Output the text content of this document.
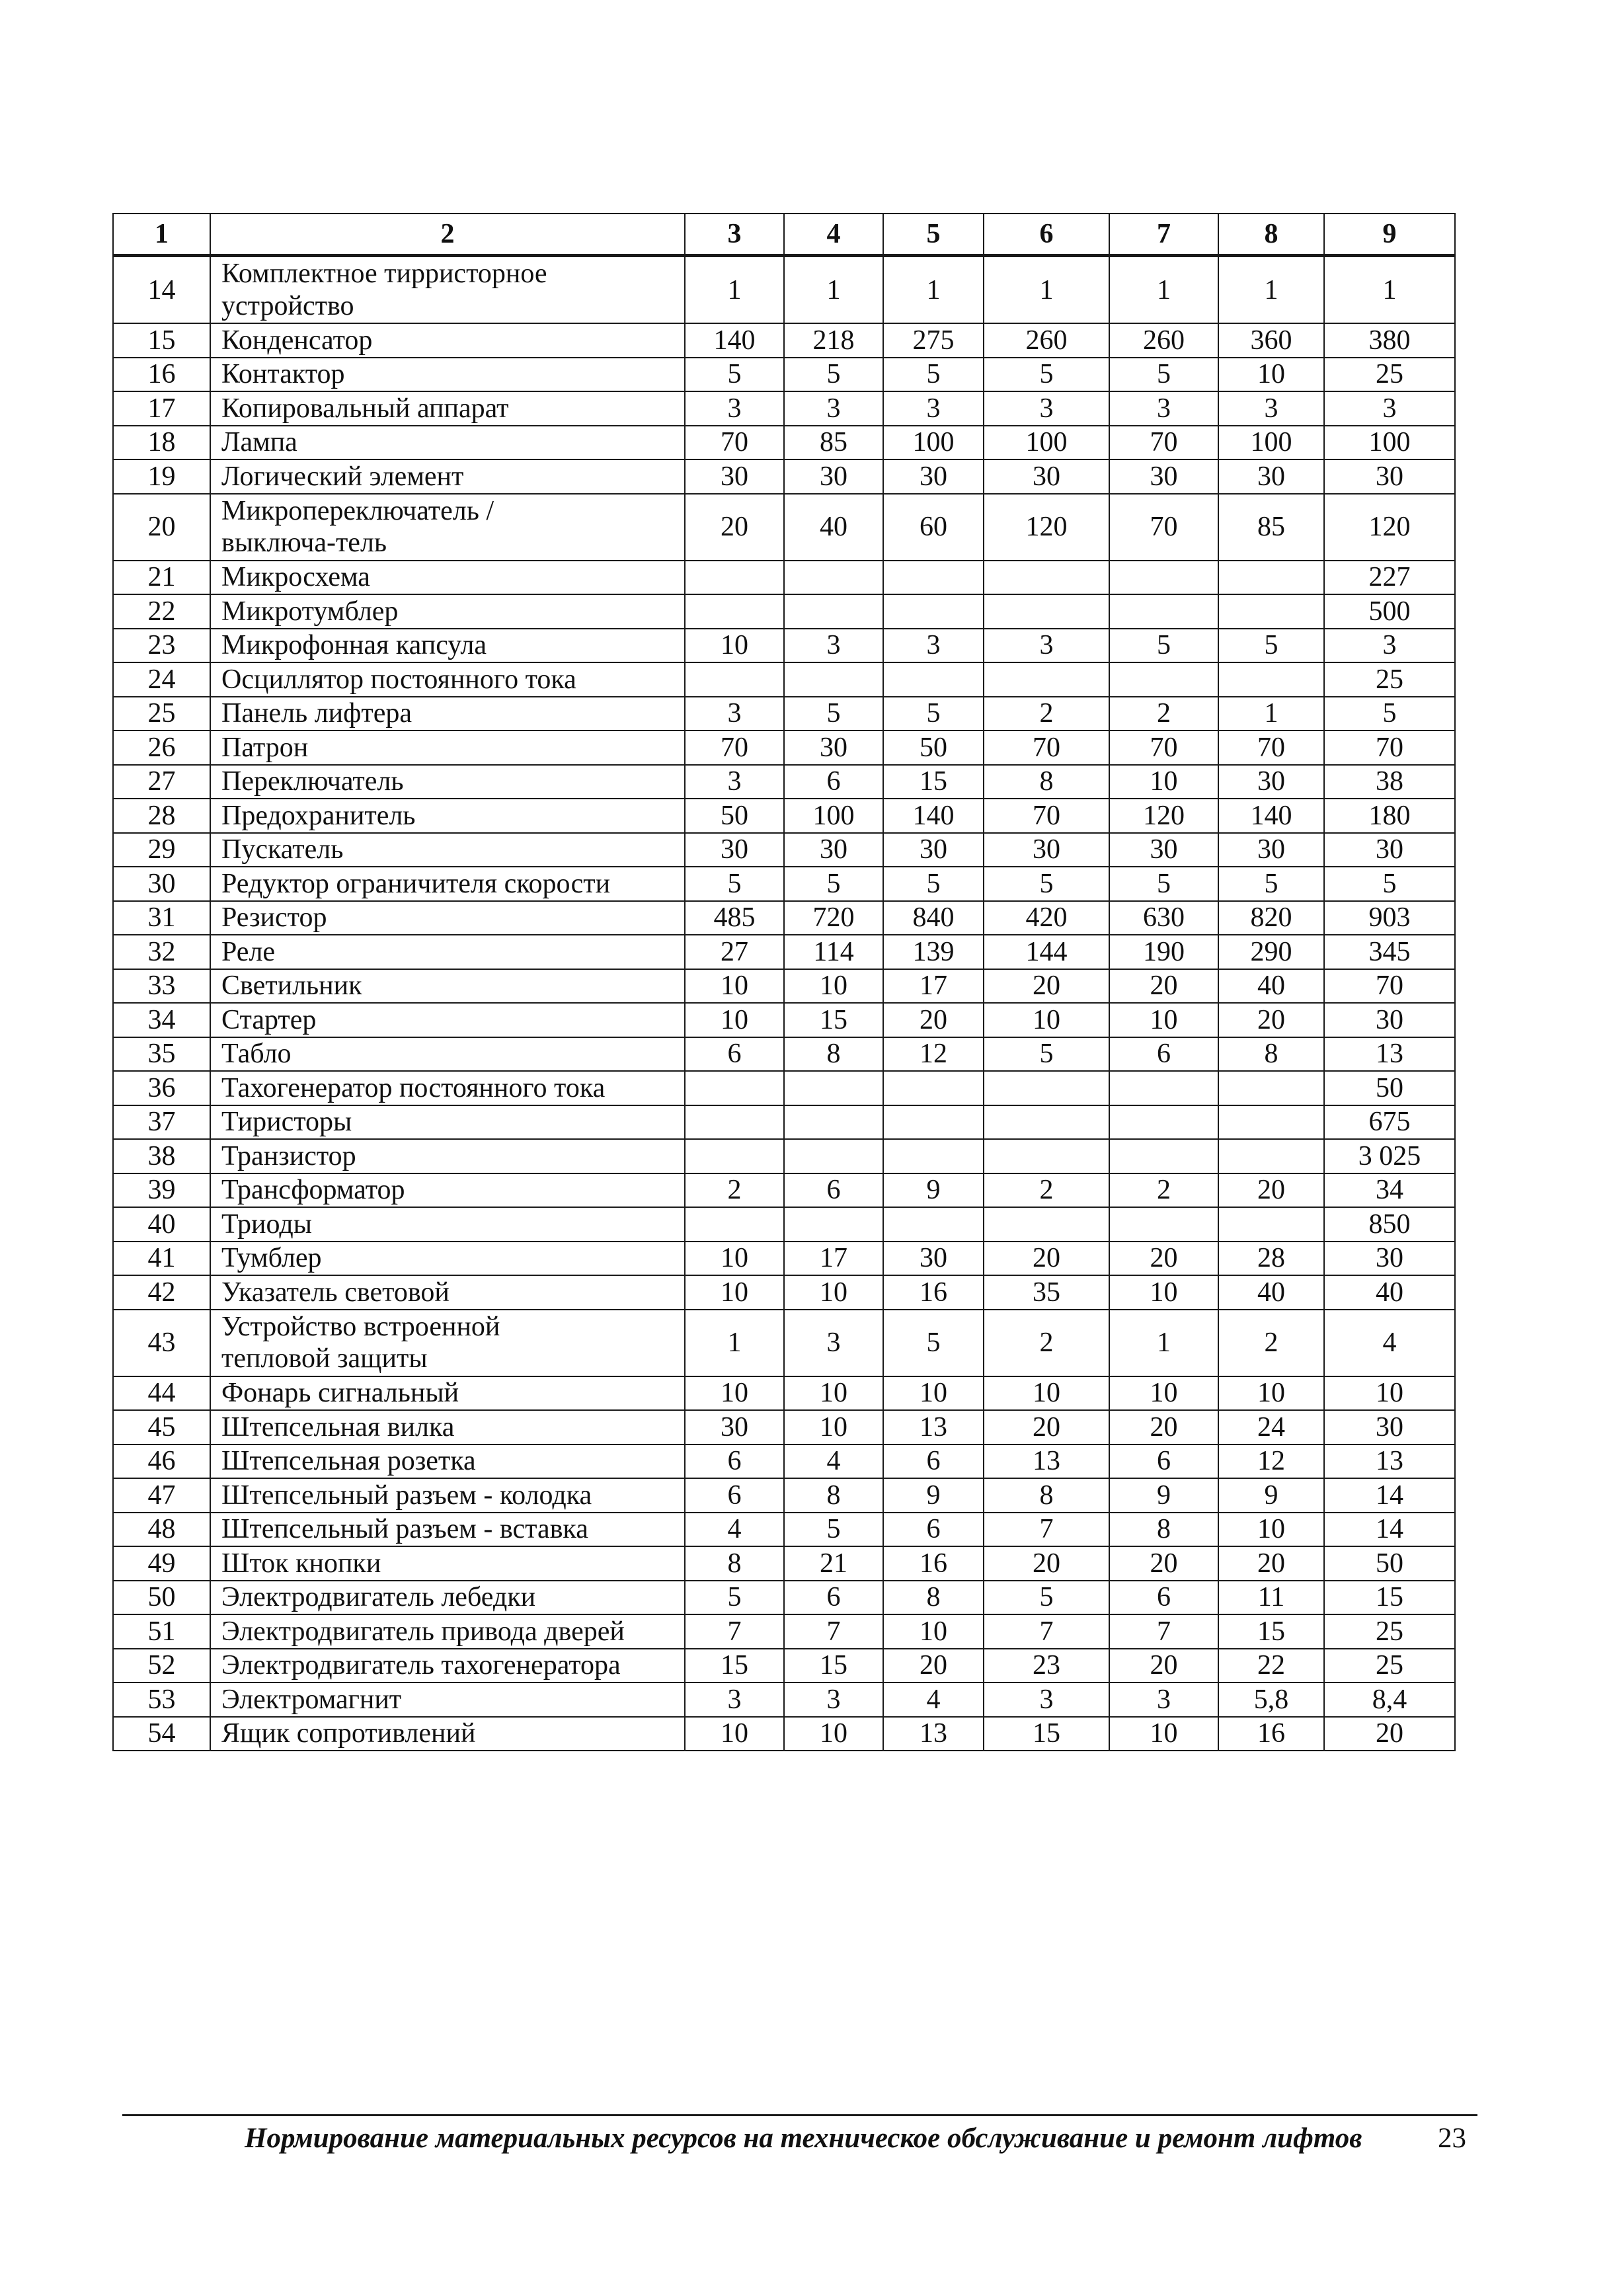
1	2	3	4	5	6	7	8	9
14	Комплектное тирристорное устройство	1	1	1	1	1	1	1
15	Конденсатор	140	218	275	260	260	360	380
16	Контактор	5	5	5	5	5	10	25
17	Копировальный аппарат	3	3	3	3	3	3	3
18	Лампа	70	85	100	100	70	100	100
19	Логический элемент	30	30	30	30	30	30	30
20	Микропереключатель / выключа-тель	20	40	60	120	70	85	120
21	Микросхема							227
22	Микротумблер							500
23	Микрофонная капсула	10	3	3	3	5	5	3
24	Осциллятор постоянного тока							25
25	Панель лифтера	3	5	5	2	2	1	5
26	Патрон	70	30	50	70	70	70	70
27	Переключатель	3	6	15	8	10	30	38
28	Предохранитель	50	100	140	70	120	140	180
29	Пускатель	30	30	30	30	30	30	30
30	Редуктор ограничителя скорости	5	5	5	5	5	5	5
31	Резистор	485	720	840	420	630	820	903
32	Реле	27	114	139	144	190	290	345
33	Светильник	10	10	17	20	20	40	70
34	Стартер	10	15	20	10	10	20	30
35	Табло	6	8	12	5	6	8	13
36	Тахогенератор постоянного тока							50
37	Тиристоры							675
38	Транзистор							3 025
39	Трансформатор	2	6	9	2	2	20	34
40	Триоды							850
41	Тумблер	10	17	30	20	20	28	30
42	Указатель световой	10	10	16	35	10	40	40
43	Устройство встроенной тепловой защиты	1	3	5	2	1	2	4
44	Фонарь сигнальный	10	10	10	10	10	10	10
45	Штепсельная вилка	30	10	13	20	20	24	30
46	Штепсельная розетка	6	4	6	13	6	12	13
47	Штепсельный разъем - колодка	6	8	9	8	9	9	14
48	Штепсельный разъем - вставка	4	5	6	7	8	10	14
49	Шток кнопки	8	21	16	20	20	20	50
50	Электродвигатель лебедки	5	6	8	5	6	11	15
51	Электродвигатель привода дверей	7	7	10	7	7	15	25
52	Электродвигатель тахогенератора	15	15	20	23	20	22	25
53	Электромагнит	3	3	4	3	3	5,8	8,4
54	Ящик сопротивлений	10	10	13	15	10	16	20
Нормирование материальных ресурсов на техническое обслуживание и ремонт лифтов	23
